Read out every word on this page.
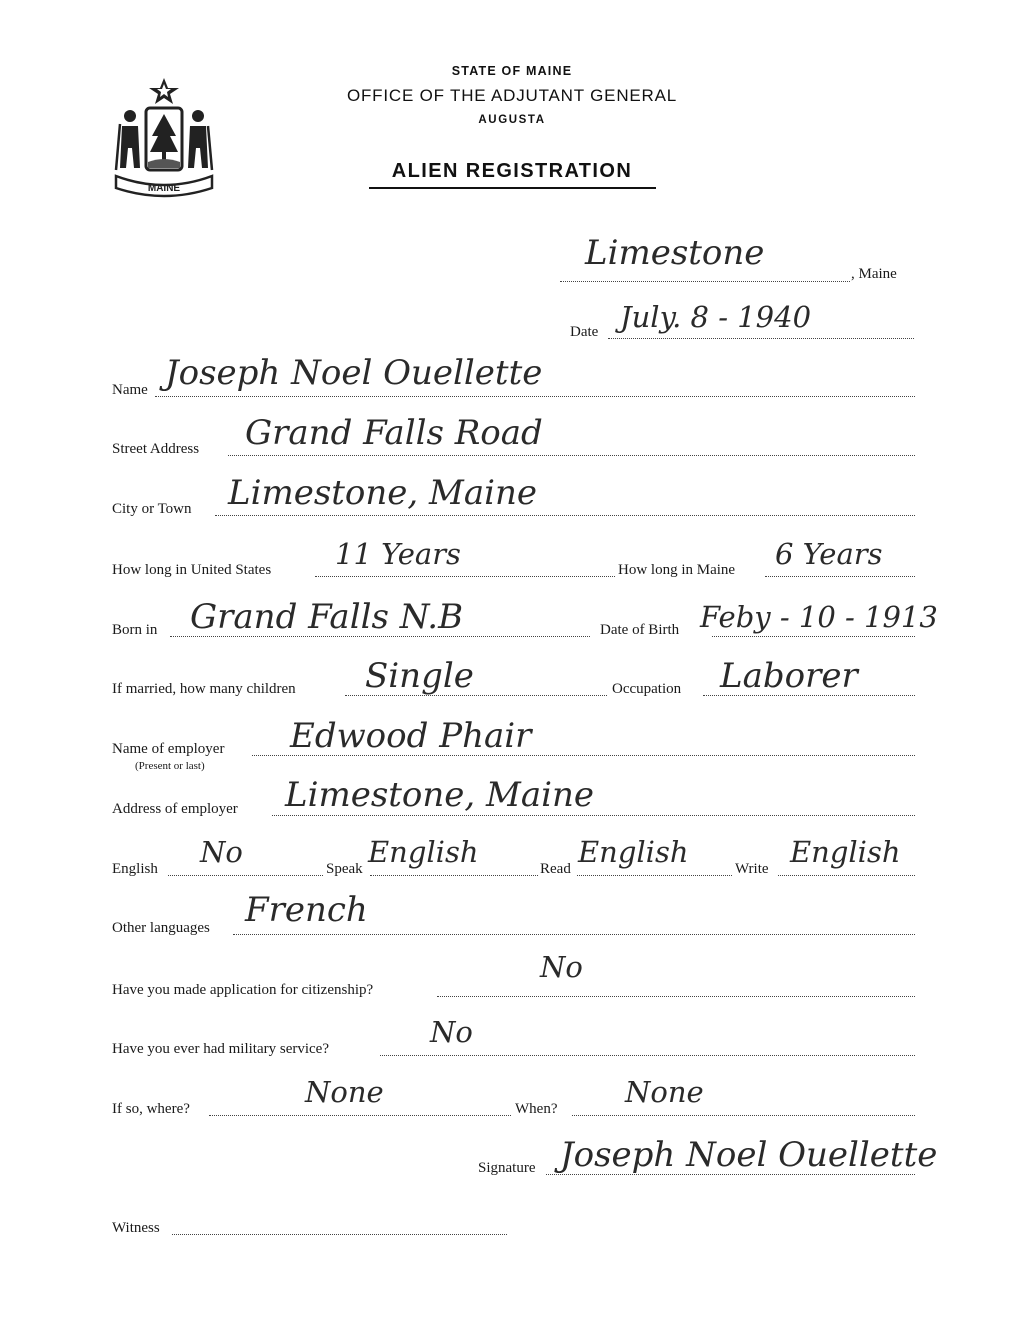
MAINE
STATE OF MAINE
OFFICE OF THE ADJUTANT GENERAL
AUGUSTA
ALIEN REGISTRATION
Limestone
, Maine
Date July. 8 - 1940
Name Joseph Noel Ouellette
Street Address Grand Falls Road
City or Town Limestone, Maine
How long in United States 11 Years	How long in Maine 6 Years
Born in Grand Falls N.B	Date of Birth Feby - 10 - 1913
If married, how many children Single	Occupation Laborer
Name of employer
(Present or last)
Edwood Phair
Address of employer Limestone, Maine
English No	Speak English	Read English	Write English
Other languages French
Have you made application for citizenship?
No
Have you ever had military service?	No
If so, where?	None	When? None
Signature Joseph Noel Ouellette
Witness
